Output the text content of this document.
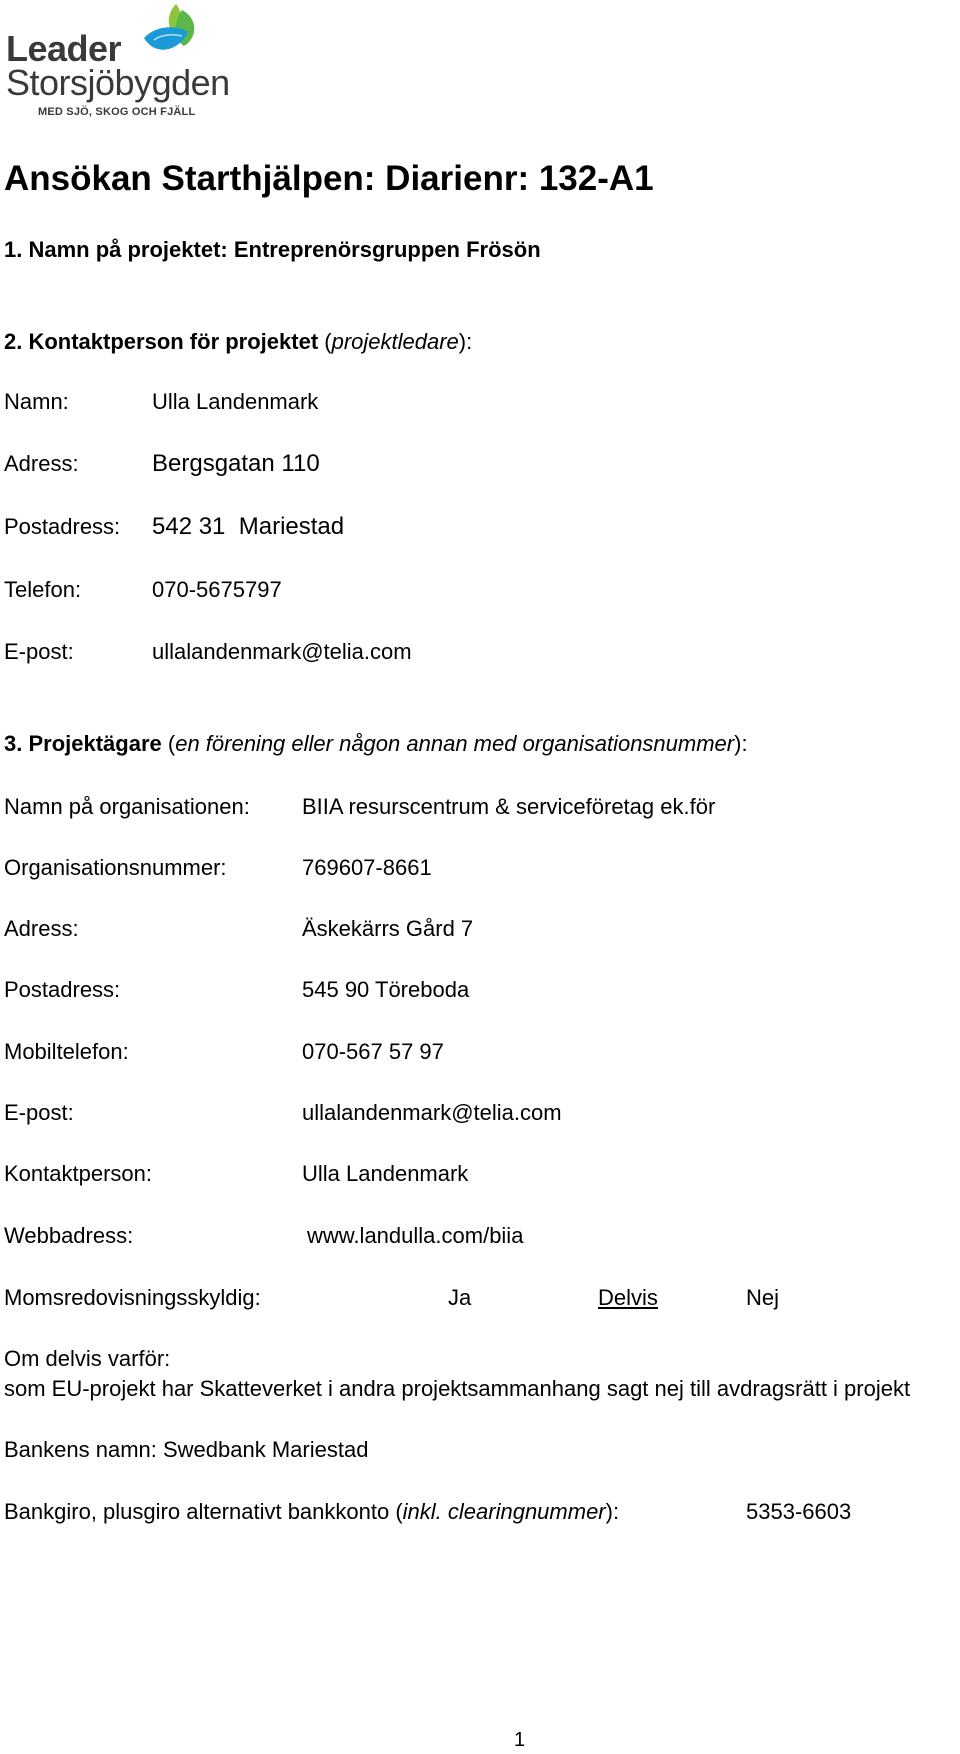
Leader
Storsjöbygden
MED SJÖ, SKOG OCH FJÄLL
Ansökan Starthjälpen: Diarienr: 132-A1
1. Namn på projektet: Entreprenörsgruppen Frösön
2. Kontaktperson för projektet (projektledare):
Namn:	Ulla Landenmark
Adress:	Bergsgatan 110
Postadress: 542 31  Mariestad
Telefon:	070-5675797
E-post:	ullalandenmark@telia.com
3. Projektägare (en förening eller någon annan med organisationsnummer):
Namn på organisationen: BIIA resurscentrum & serviceföretag ek.för
Organisationsnummer:	769607-8661
Adress:	Äskekärrs Gård 7
Postadress:	545 90 Töreboda
Mobiltelefon:	070-567 57 97
E-post:	ullalandenmark@telia.com
Kontaktperson:	Ulla Landenmark
Webbadress:	www.landulla.com/biia
Momsredovisningsskyldig:	Ja	Delvis	Nej
Om delvis varför:
som EU-projekt har Skatteverket i andra projektsammanhang sagt nej till avdragsrätt i projekt
Bankens namn: Swedbank Mariestad
Bankgiro, plusgiro alternativt bankkonto (inkl. clearingnummer):	5353-6603
1
